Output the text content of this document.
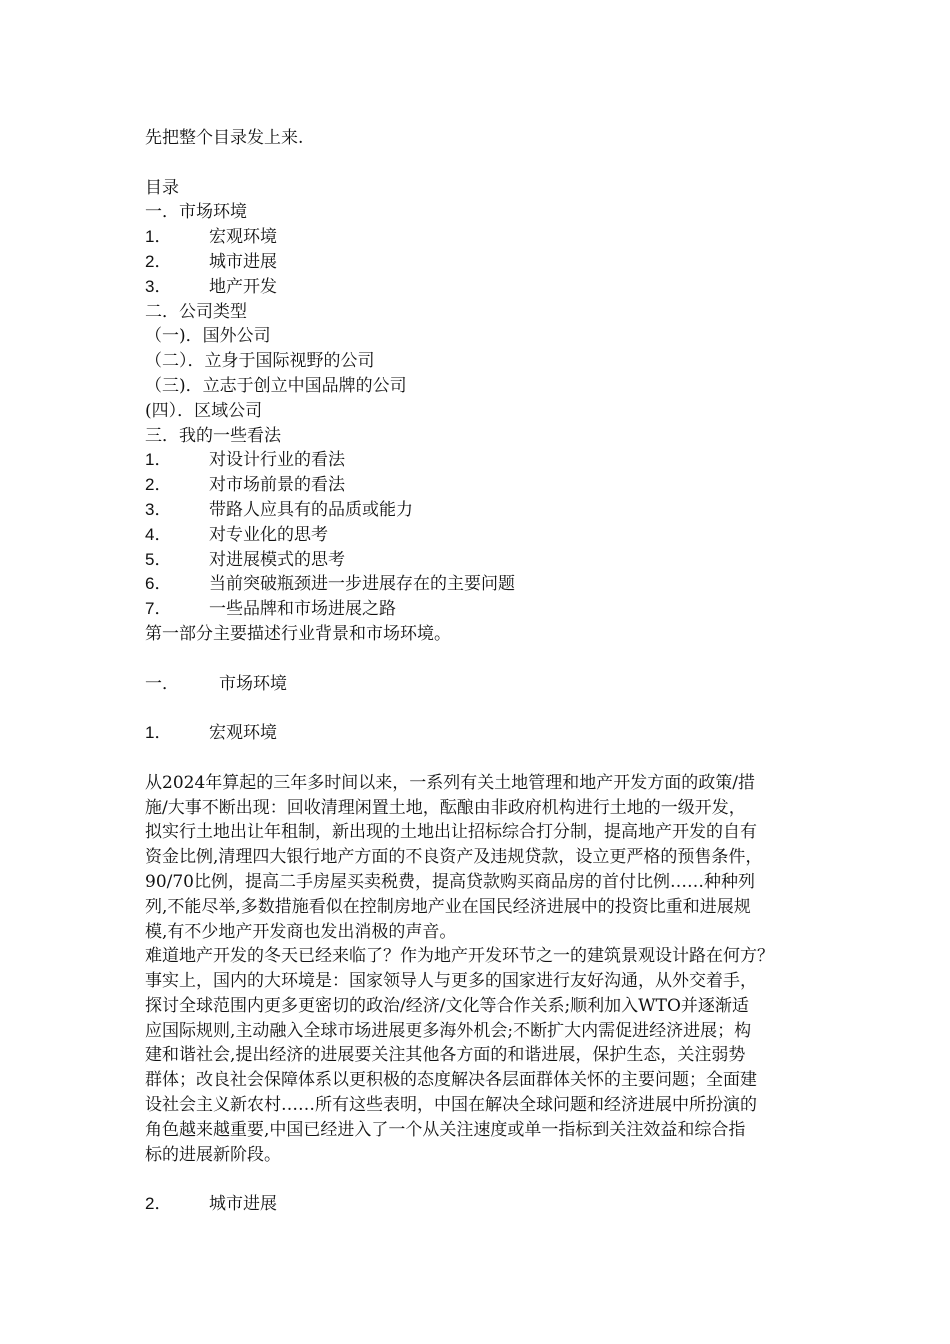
先把整个目录发上来.
目录
一．市场环境
1． 宏观环境
2． 城市进展
3． 地产开发
二．公司类型
（一)．国外公司
（二）．立身于国际视野的公司
（三)．立志于创立中国品牌的公司
(四）．区域公司
三．我的一些看法
1． 对设计行业的看法
2． 对市场前景的看法
3． 带路人应具有的品质或能力
4． 对专业化的思考
5． 对进展模式的思考
6． 当前突破瓶颈进一步进展存在的主要问题
7． 一些品牌和市场进展之路
第一部分主要描述行业背景和市场环境。
一． 市场环境
1． 宏观环境
从2024年算起的三年多时间以来，一系列有关土地管理和地产开发方面的政策/措
施/大事不断出现：回收清理闲置土地，酝酿由非政府机构进行土地的一级开发，
拟实行土地出让年租制，新出现的土地出让招标综合打分制，提高地产开发的自有
资金比例,清理四大银行地产方面的不良资产及违规贷款，设立更严格的预售条件，
90/70比例，提高二手房屋买卖税费，提高贷款购买商品房的首付比例……种种列
列,不能尽举,多数措施看似在控制房地产业在国民经济进展中的投资比重和进展规
模,有不少地产开发商也发出消极的声音。
难道地产开发的冬天已经来临了？作为地产开发环节之一的建筑景观设计路在何方？
事实上，国内的大环境是：国家领导人与更多的国家进行友好沟通，从外交着手，
探讨全球范围内更多更密切的政治/经济/文化等合作关系;顺利加入WTO并逐渐适
应国际规则,主动融入全球市场进展更多海外机会;不断扩大内需促进经济进展；构
建和谐社会,提出经济的进展要关注其他各方面的和谐进展，保护生态，关注弱势
群体；改良社会保障体系以更积极的态度解决各层面群体关怀的主要问题；全面建
设社会主义新农村……所有这些表明，中国在解决全球问题和经济进展中所扮演的
角色越来越重要,中国已经进入了一个从关注速度或单一指标到关注效益和综合指
标的进展新阶段。
2． 城市进展
